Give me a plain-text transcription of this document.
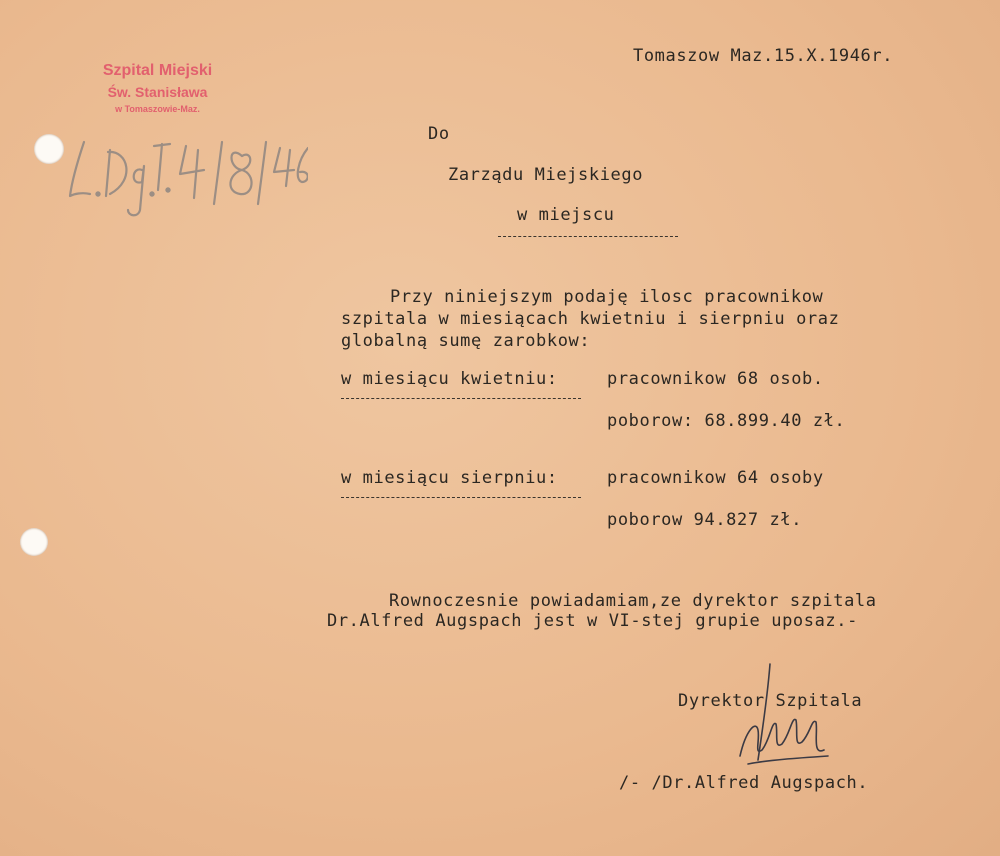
Szpital Miejski
Św. Stanisława
w Tomaszowie-Maz.
Tomaszow Maz.15.X.1946r.
Do
Zarządu Miejskiego
w miejscu
Przy niniejszym podaję ilosc pracownikow
szpitala w miesiącach kwietniu i sierpniu oraz
globalną sumę zarobkow:
w miesiącu kwietniu:	pracownikow 68 osob.
poborow: 68.899.40 zł.
w miesiącu sierpniu:	pracownikow 64 osoby
poborow 94.827 zł.
Rownoczesnie powiadamiam,ze dyrektor szpitala
Dr.Alfred Augspach jest w VI-stej grupie uposaz.-
Dyrektor Szpitala
/- /Dr.Alfred Augspach.
